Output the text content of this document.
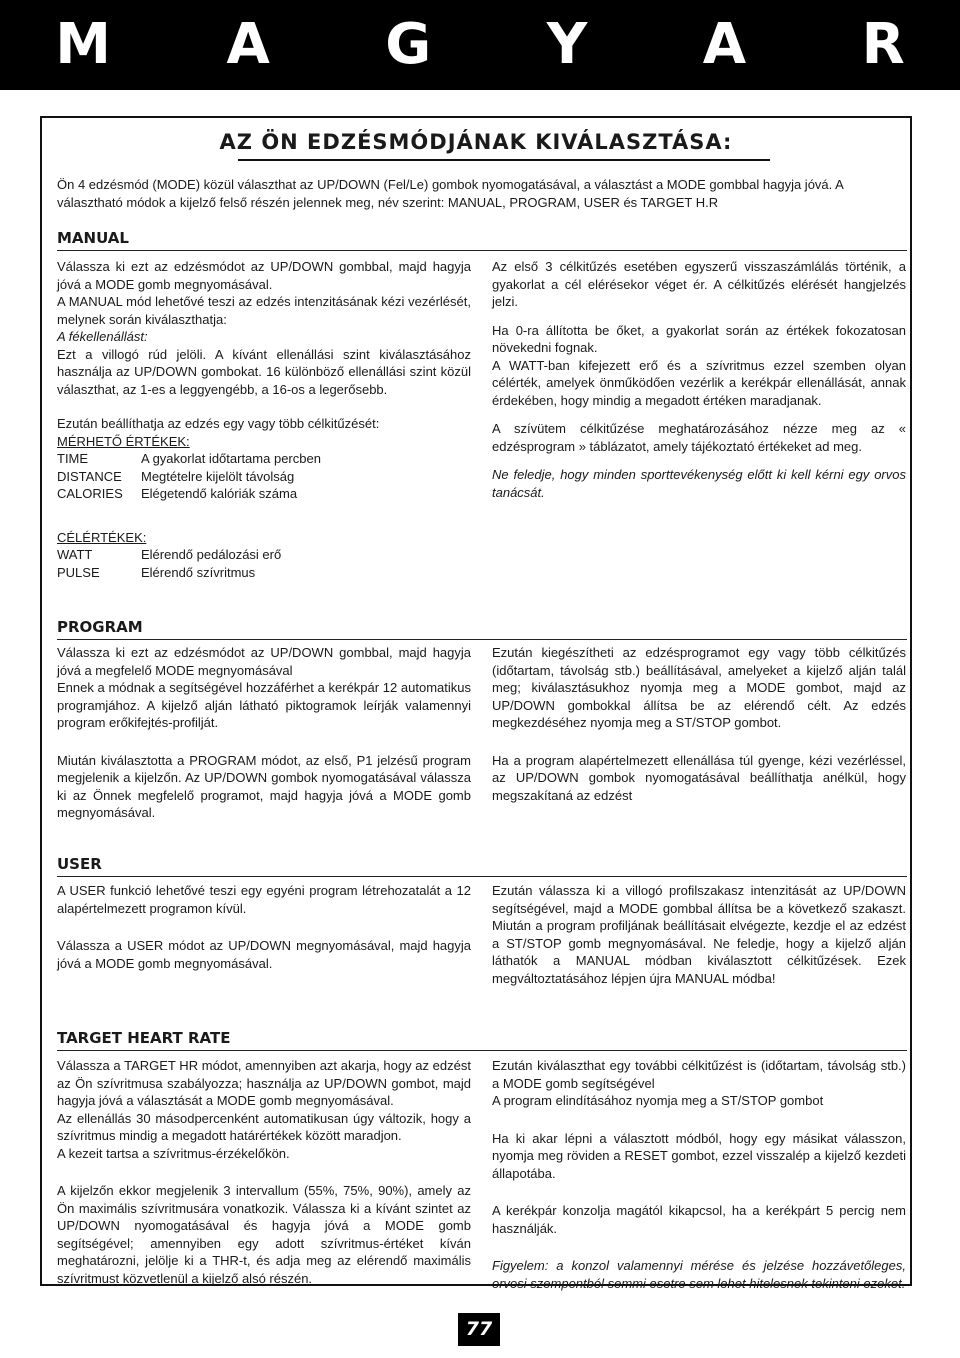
M A G Y A R
AZ ÖN EDZÉSMÓDJÁNAK KIVÁLASZTÁSA:

Ön 4 edzésmód (MODE) közül választhat az UP/DOWN (Fel/Le) gombok nyomogatásával, a választást a MODE gombbal hagyja jóvá. A választható módok a kijelző felső részén jelennek meg, név szerint: MANUAL, PROGRAM, USER és TARGET H.R

MANUAL

Válassza ki ezt az edzésmódot az UP/DOWN gombbal, majd hagyja jóvá a MODE gomb megnyomásával.

A MANUAL mód lehetővé teszi az edzés intenzitásának kézi vezérlését, melynek során kiválaszthatja:

A fékellenállást:

Ezt a villogó rúd jelöli. A kívánt ellenállási szint kiválasztásához használja az UP/DOWN gombokat. 16 különböző ellenállási szint közül választhat, az 1-es a leggyengébb, a 16-os a legerősebb.

Ezután beállíthatja az edzés egy vagy több célkitűzését:

MÉRHETŐ ÉRTÉKEK:

TIME	A gyakorlat időtartama percben
DISTANCE	Megtételre kijelölt távolság
CALORIES	Elégetendő kalóriák száma

CÉLÉRTÉKEK:

WATT	Elérendő pedálozási erő
PULSE	Elérendő szívritmus

Az első 3 célkitűzés esetében egyszerű visszaszámlálás történik, a gyakorlat a cél elérésekor véget ér. A célkitűzés elérését hangjelzés jelzi.

Ha 0-ra állította be őket, a gyakorlat során az értékek fokozatosan növekedni fognak.

A WATT-ban kifejezett erő és a szívritmus ezzel szemben olyan célérték, amelyek önműködően vezérlik a kerékpár ellenállását, annak érdekében, hogy mindig a megadott értéken maradjanak.

A szívütem célkitűzése meghatározásához nézze meg az « edzésprogram » táblázatot, amely tájékoztató értékeket ad meg.

Ne feledje, hogy minden sporttevékenység előtt ki kell kérni egy orvos tanácsát.

PROGRAM

Válassza ki ezt az edzésmódot az UP/DOWN gombbal, majd hagyja jóvá a megfelelő MODE megnyomásával

Ennek a módnak a segítségével hozzáférhet a kerékpár 12 automatikus programjához. A kijelző alján látható piktogramok leírják valamennyi program erőkifejtés-profilját.

Miután kiválasztotta a PROGRAM módot, az első, P1 jelzésű program megjelenik a kijelzőn. Az UP/DOWN gombok nyomogatásával válassza ki az Önnek megfelelő programot, majd hagyja jóvá a MODE gomb megnyomásával.

Ezután kiegészítheti az edzésprogramot egy vagy több célkitűzés (időtartam, távolság stb.) beállításával, amelyeket a kijelző alján talál meg; kiválasztásukhoz nyomja meg a MODE gombot, majd az UP/DOWN gombokkal állítsa be az elérendő célt. Az edzés megkezdéséhez nyomja meg a ST/STOP gombot.

Ha a program alapértelmezett ellenállása túl gyenge, kézi vezérléssel, az UP/DOWN gombok nyomogatásával beállíthatja anélkül, hogy megszakítaná az edzést

USER

A USER funkció lehetővé teszi egy egyéni program létrehozatalát a 12 alapértelmezett programon kívül.

Válassza a USER módot az UP/DOWN megnyomásával, majd hagyja jóvá a MODE gomb megnyomásával.

Ezután válassza ki a villogó profilszakasz intenzitását az UP/DOWN segítségével, majd a MODE gombbal állítsa be a következő szakaszt. Miután a program profiljának beállításait elvégezte, kezdje el az edzést a ST/STOP gomb megnyomásával. Ne feledje, hogy a kijelző alján láthatók a MANUAL módban kiválasztott célkitűzések. Ezek megváltoztatásához lépjen újra MANUAL módba!

TARGET HEART RATE

Válassza a TARGET HR módot, amennyiben azt akarja, hogy az edzést az Ön szívritmusa szabályozza; használja az UP/DOWN gombot, majd hagyja jóvá a választását a MODE gomb megnyomásával.

Az ellenállás 30 másodpercenként automatikusan úgy változik, hogy a szívritmus mindig a megadott határértékek között maradjon.

A kezeit tartsa a szívritmus-érzékelőkön.

A kijelzőn ekkor megjelenik 3 intervallum (55%, 75%, 90%), amely az Ön maximális szívritmusára vonatkozik. Válassza ki a kívánt szintet az UP/DOWN nyomogatásával és hagyja jóvá a MODE gomb segítségével; amennyiben egy adott szívritmus-értéket kíván meghatározni, jelölje ki a THR-t, és adja meg az elérendő maximális szívritmust közvetlenül a kijelző alsó részén.

Ezután kiválaszthat egy további célkitűzést is (időtartam, távolság stb.) a MODE gomb segítségével

A program elindításához nyomja meg a ST/STOP gombot

Ha ki akar lépni a választott módból, hogy egy másikat válasszon, nyomja meg röviden a RESET gombot, ezzel visszalép a kijelző kezdeti állapotába.

A kerékpár konzolja magától kikapcsol, ha a kerékpárt 5 percig nem használják.

Figyelem: a konzol valamennyi mérése és jelzése hozzávetőleges, orvosi szempontból semmi esetre sem lehet hitelesnek tekinteni ezeket.

77
